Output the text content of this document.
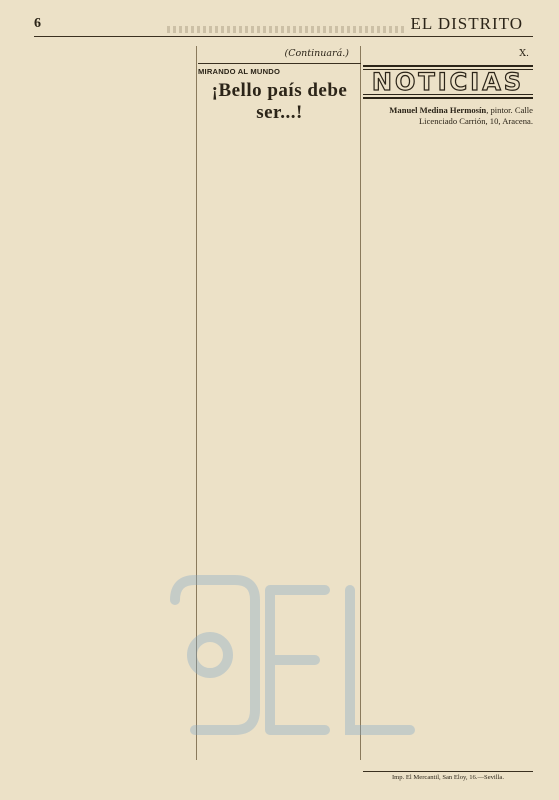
6	EL DISTRITO
(Continuará.)
MIRANDO AL MUNDO
¡Bello país debe ser...!
X.
NOTICIAS
Manuel Medina Hermosín, pintor. Calle Licenciado Carrión, 10, Aracena.
Imp. El Mercantil, San Eloy, 16.—Sevilla.
